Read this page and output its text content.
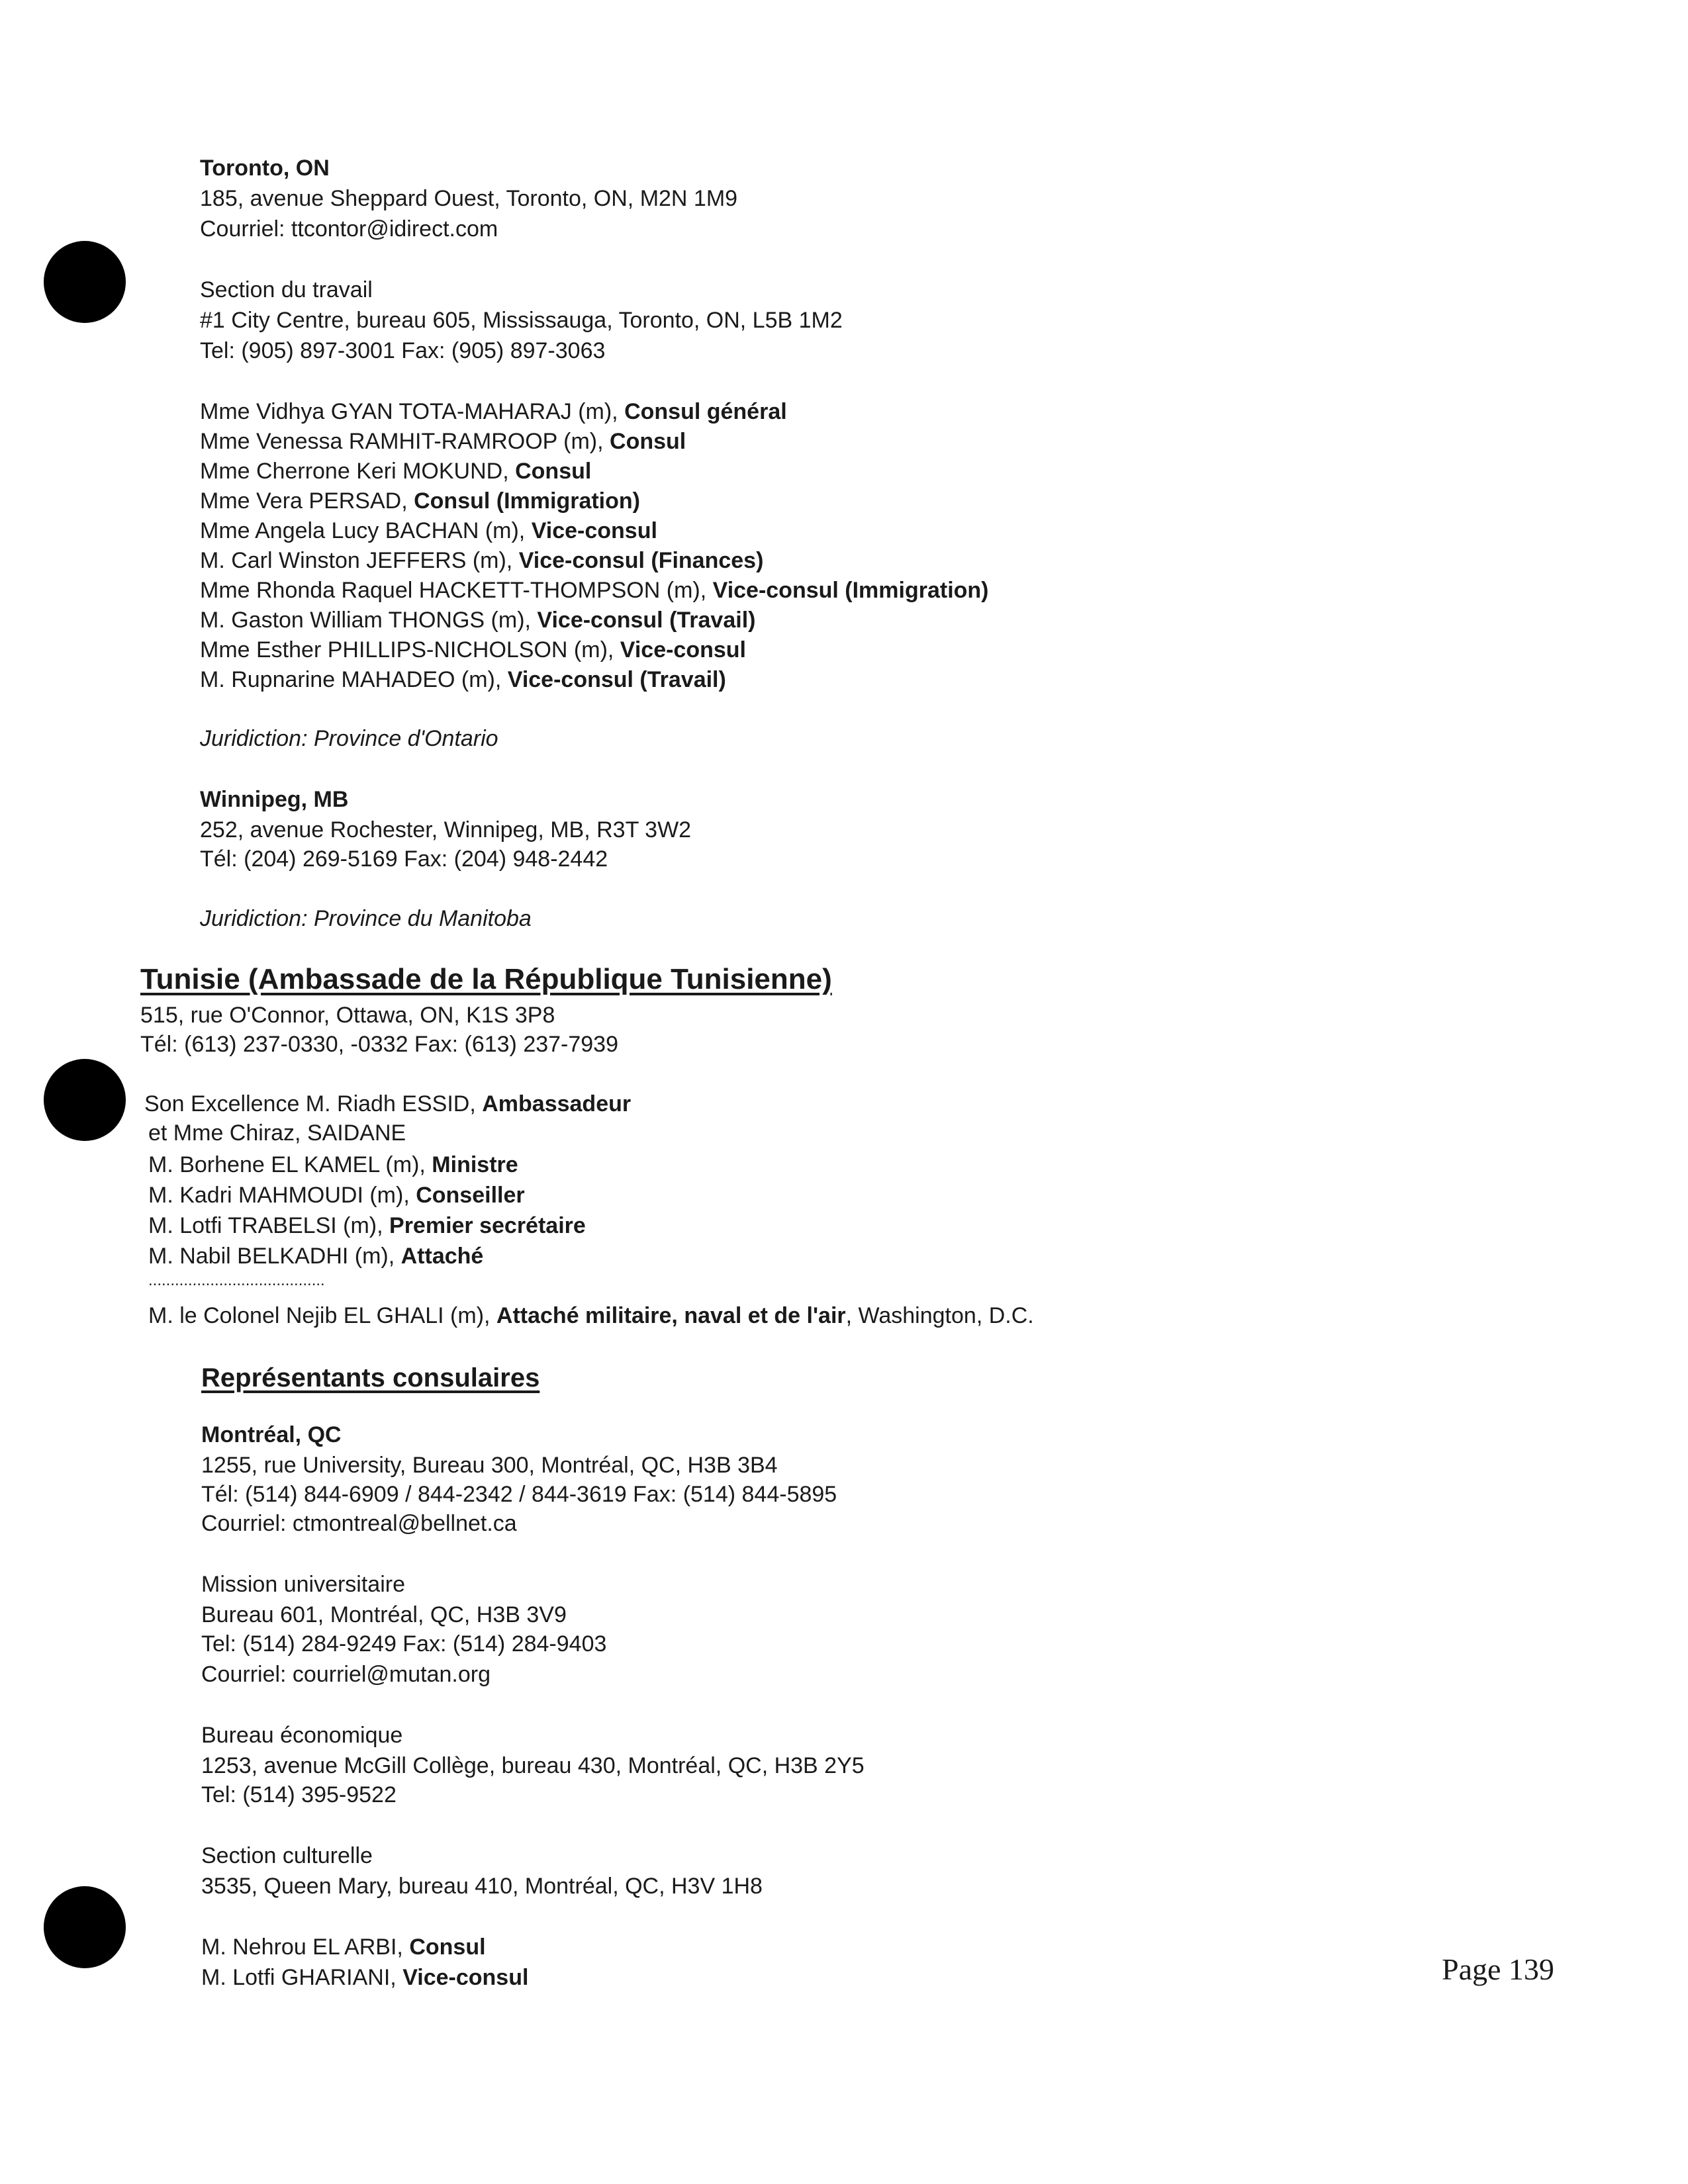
Toronto, ON
185, avenue Sheppard Ouest, Toronto, ON, M2N 1M9
Courriel: ttcontor@idirect.com
Section du travail
#1 City Centre, bureau 605, Mississauga, Toronto, ON, L5B 1M2
Tel: (905) 897-3001 Fax: (905) 897-3063
Mme Vidhya GYAN TOTA-MAHARAJ (m), Consul général
Mme Venessa RAMHIT-RAMROOP (m), Consul
Mme Cherrone Keri MOKUND, Consul
Mme Vera PERSAD, Consul (Immigration)
Mme Angela Lucy BACHAN (m), Vice-consul
M. Carl Winston JEFFERS (m), Vice-consul (Finances)
Mme Rhonda Raquel HACKETT-THOMPSON (m), Vice-consul (Immigration)
M. Gaston William THONGS (m), Vice-consul (Travail)
Mme Esther PHILLIPS-NICHOLSON (m), Vice-consul
M. Rupnarine MAHADEO (m), Vice-consul (Travail)
Juridiction: Province d'Ontario
Winnipeg, MB
252, avenue Rochester, Winnipeg, MB, R3T 3W2
Tél: (204) 269-5169 Fax: (204) 948-2442
Juridiction: Province du Manitoba
Tunisie (Ambassade de la République Tunisienne)
515, rue O'Connor, Ottawa, ON, K1S 3P8
Tél: (613) 237-0330, -0332 Fax: (613) 237-7939
Son Excellence M. Riadh ESSID, Ambassadeur
et Mme Chiraz, SAIDANE
M. Borhene EL KAMEL (m), Ministre
M. Kadri MAHMOUDI (m), Conseiller
M. Lotfi TRABELSI (m), Premier secrétaire
M. Nabil BELKADHI (m), Attaché
........................................
M. le Colonel Nejib EL GHALI (m), Attaché militaire, naval et de l'air, Washington, D.C.
Représentants consulaires
Montréal, QC
1255, rue University, Bureau 300, Montréal, QC, H3B 3B4
Tél: (514) 844-6909 / 844-2342 / 844-3619 Fax: (514) 844-5895
Courriel: ctmontreal@bellnet.ca
Mission universitaire
Bureau 601, Montréal, QC, H3B 3V9
Tel: (514) 284-9249 Fax: (514) 284-9403
Courriel: courriel@mutan.org
Bureau économique
1253, avenue McGill Collège, bureau 430, Montréal, QC, H3B 2Y5
Tel: (514) 395-9522
Section culturelle
3535, Queen Mary, bureau 410, Montréal, QC, H3V 1H8
M. Nehrou EL ARBI, Consul
M. Lotfi GHARIANI, Vice-consul	Page 139
